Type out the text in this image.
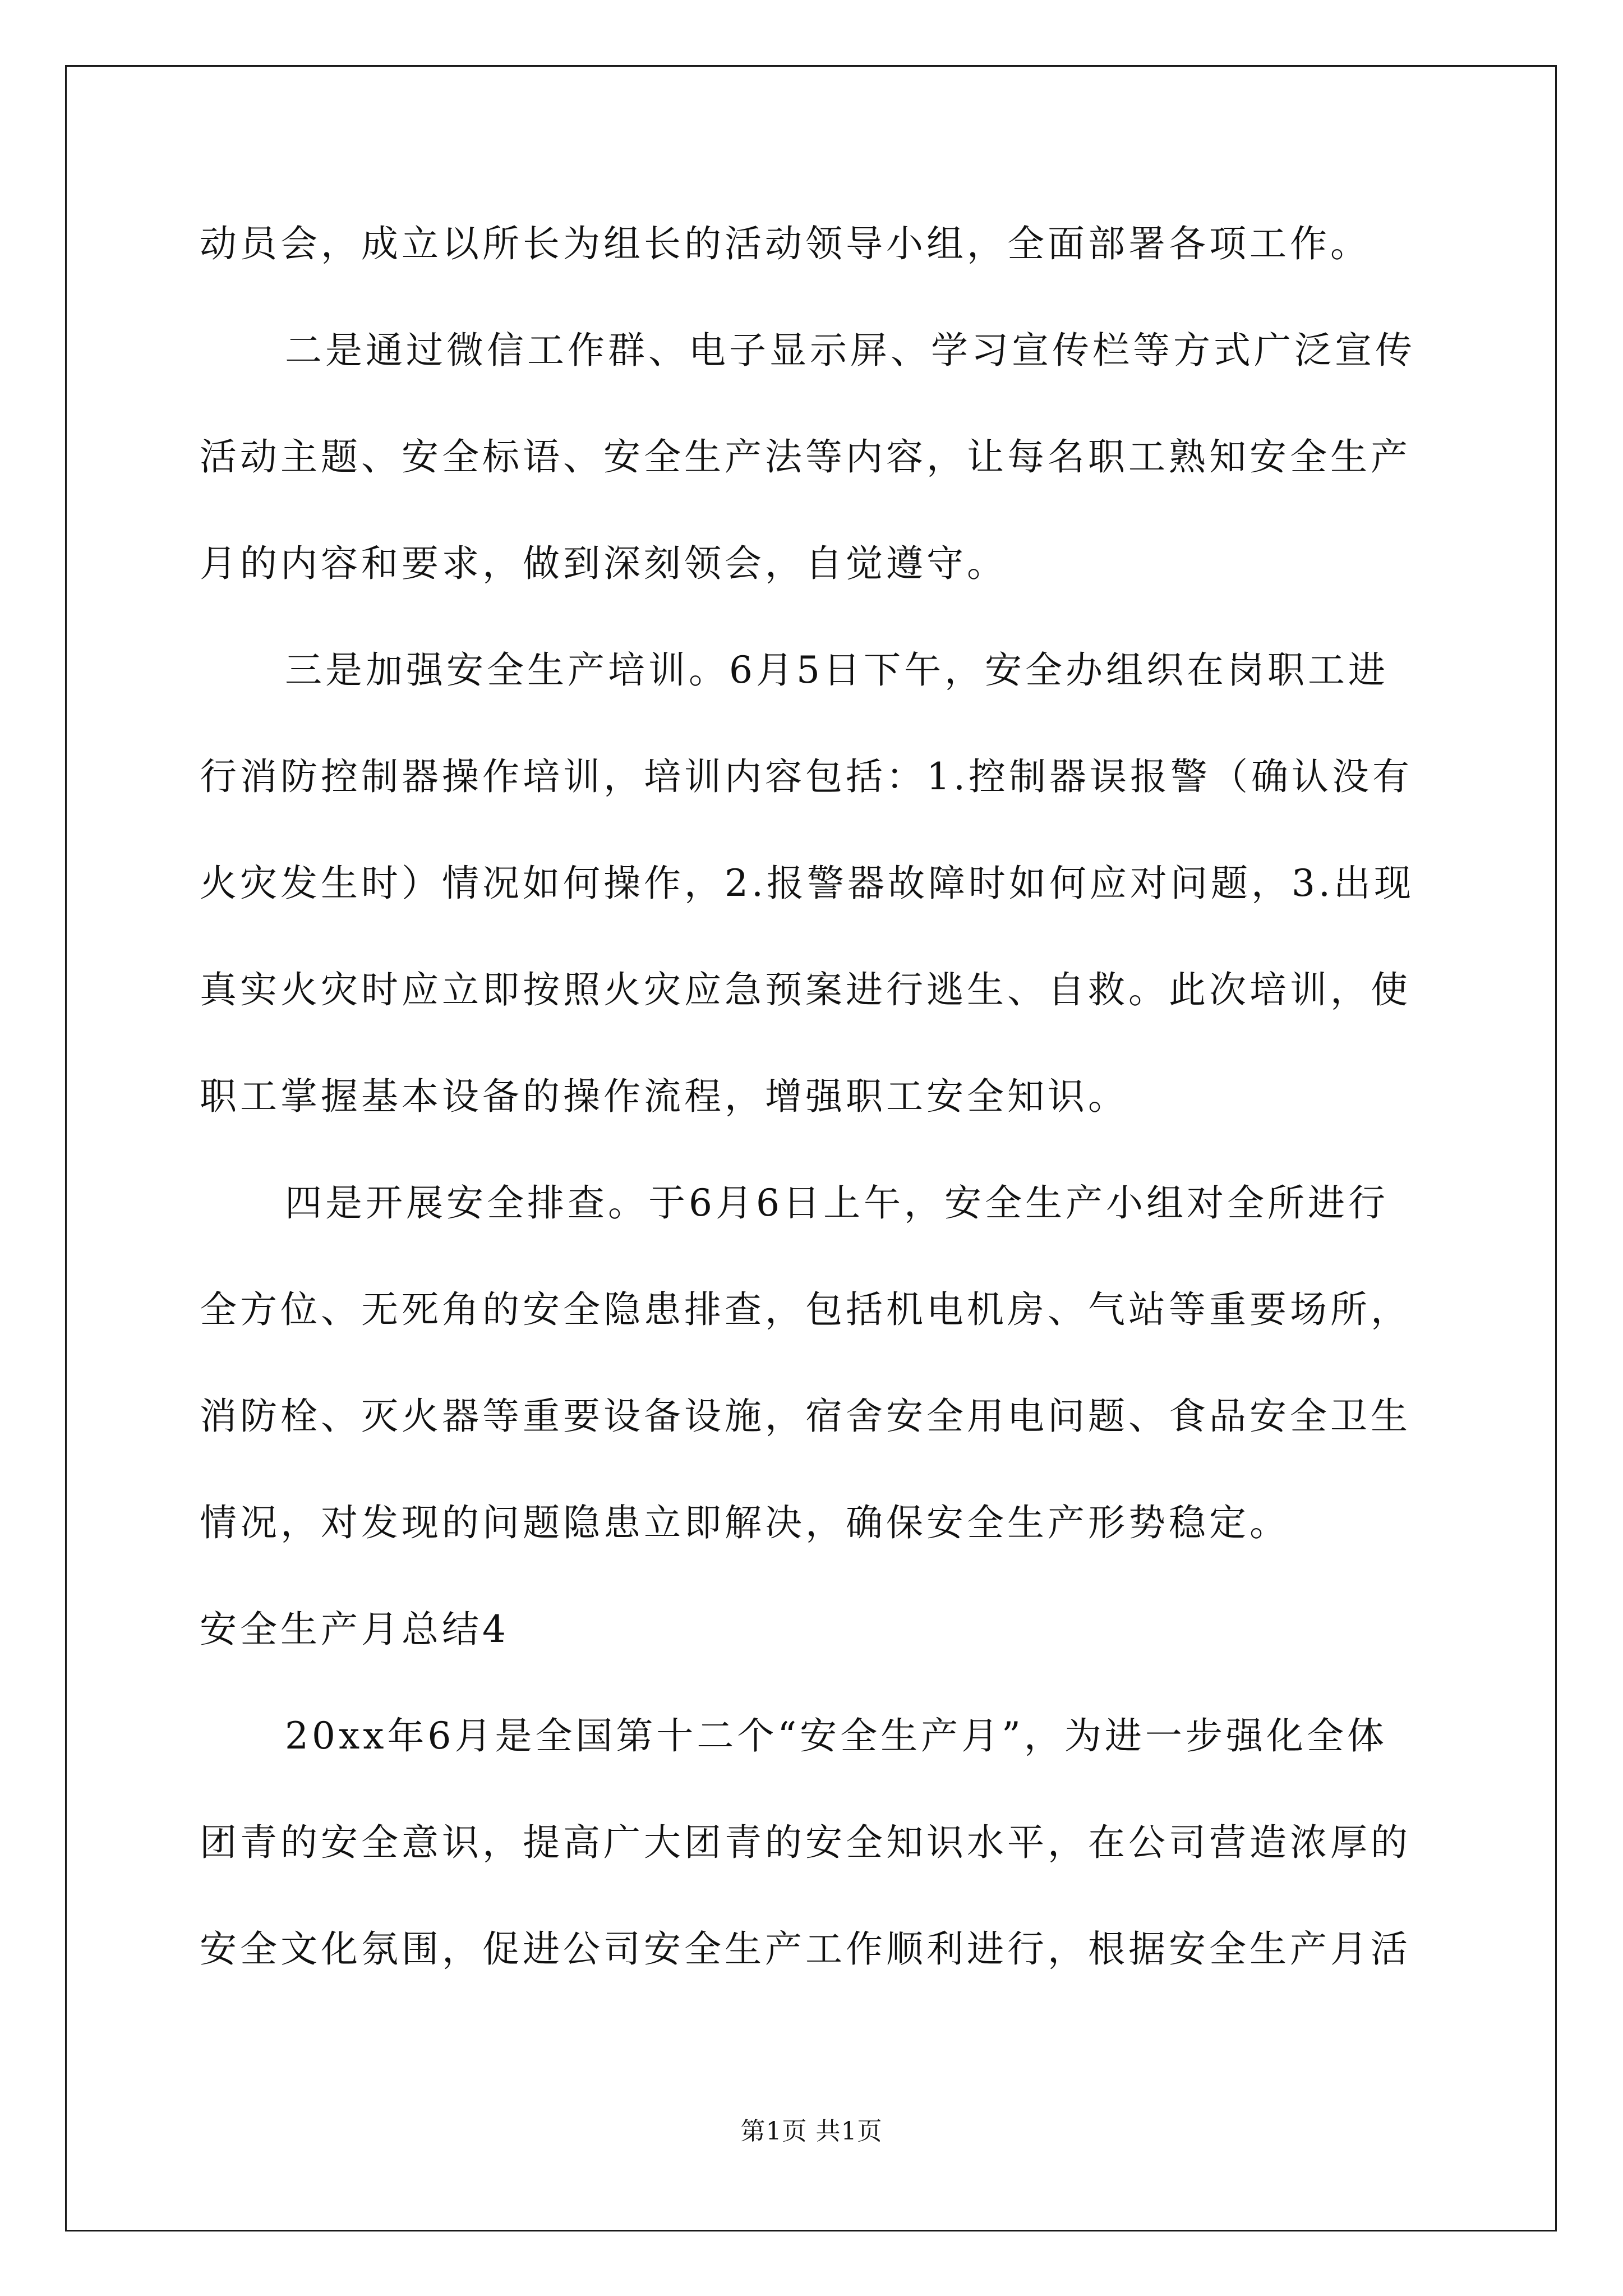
动员会，成立以所长为组长的活动领导小组，全面部署各项工作。
二是通过微信工作群、电子显示屏、学习宣传栏等方式广泛宣传
活动主题、安全标语、安全生产法等内容，让每名职工熟知安全生产
月的内容和要求，做到深刻领会，自觉遵守。
三是加强安全生产培训。6月5日下午，安全办组织在岗职工进
行消防控制器操作培训，培训内容包括：1.控制器误报警（确认没有
火灾发生时）情况如何操作，2.报警器故障时如何应对问题，3.出现
真实火灾时应立即按照火灾应急预案进行逃生、自救。此次培训，使
职工掌握基本设备的操作流程，增强职工安全知识。
四是开展安全排查。于6月6日上午，安全生产小组对全所进行
全方位、无死角的安全隐患排查，包括机电机房、气站等重要场所，
消防栓、灭火器等重要设备设施，宿舍安全用电问题、食品安全卫生
情况，对发现的问题隐患立即解决，确保安全生产形势稳定。
安全生产月总结4
20xx年6月是全国第十二个“安全生产月”，为进一步强化全体
团青的安全意识，提高广大团青的安全知识水平，在公司营造浓厚的
安全文化氛围，促进公司安全生产工作顺利进行，根据安全生产月活
第1页 共1页
